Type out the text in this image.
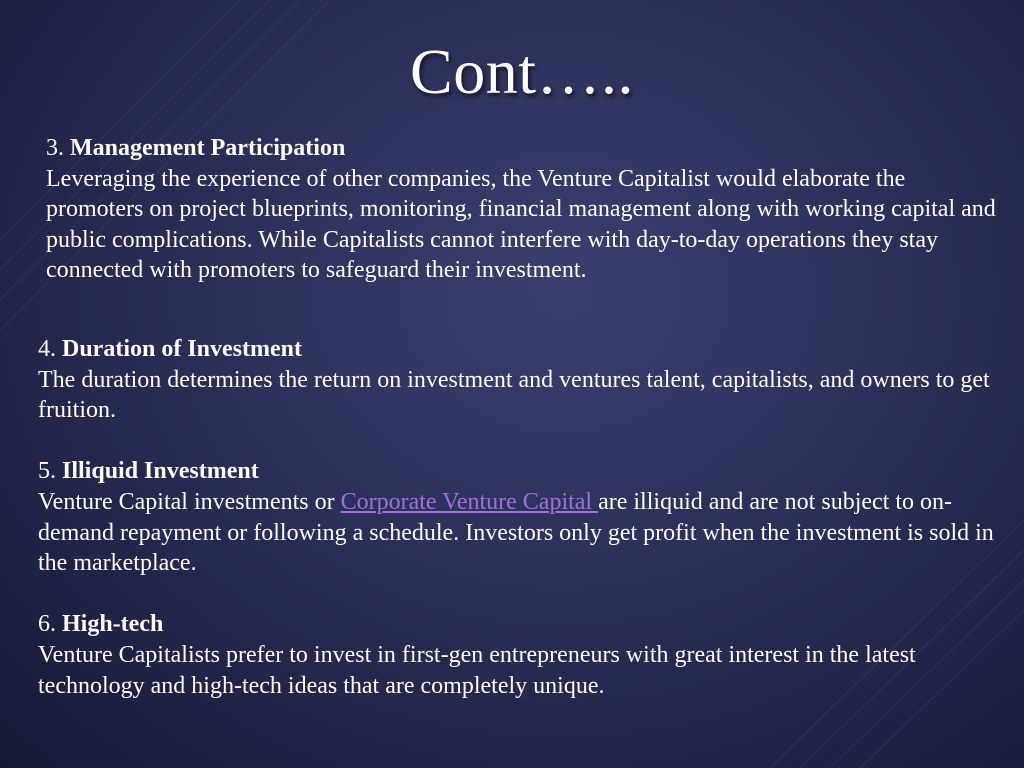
Cont…..

3. Management Participation

Leveraging the experience of other companies, the Venture Capitalist would elaborate the promoters on project blueprints, monitoring, financial management along with working capital and public complications. While Capitalists cannot interfere with day-to-day operations they stay connected with promoters to safeguard their investment.

4. Duration of Investment

The duration determines the return on investment and ventures talent, capitalists, and owners to get fruition.

5. Illiquid Investment

Venture Capital investments or Corporate Venture Capital are illiquid and are not subject to on-demand repayment or following a schedule. Investors only get profit when the investment is sold in the marketplace.

6. High-tech

Venture Capitalists prefer to invest in first-gen entrepreneurs with great interest in the latest technology and high-tech ideas that are completely unique.
